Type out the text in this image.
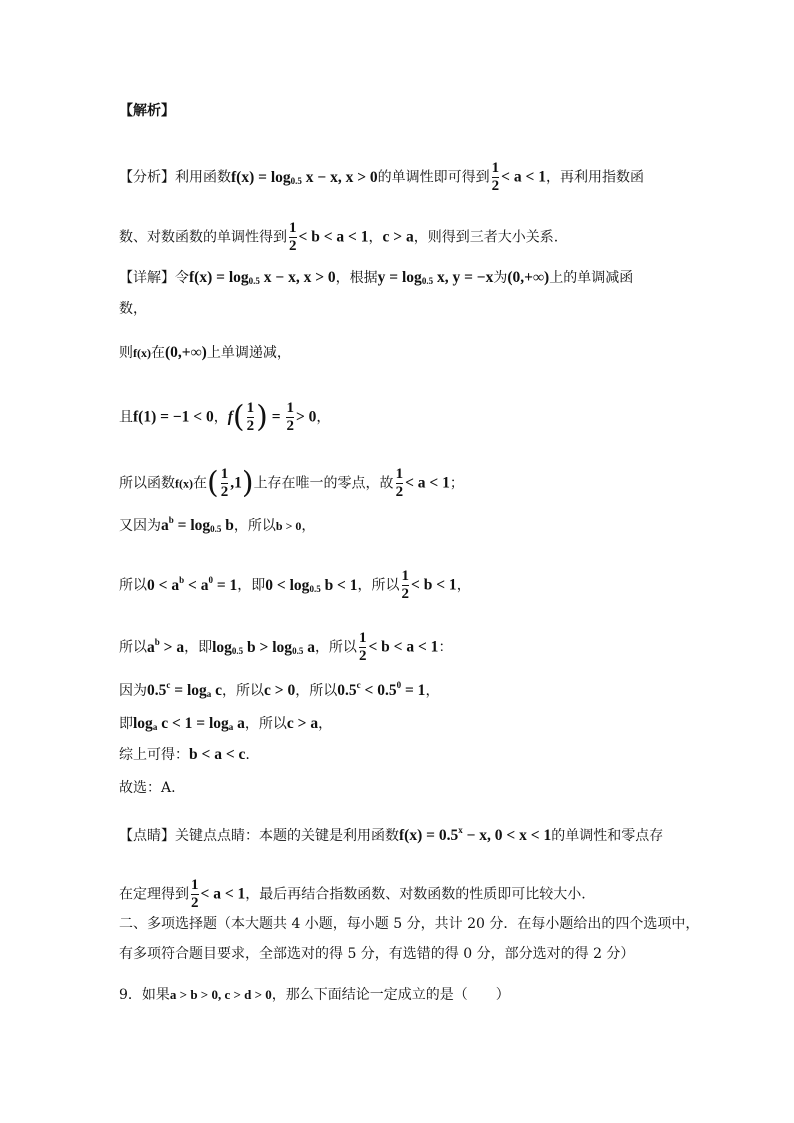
【解析】
【分析】利用函数$f(x) = \log_{0.5} x - x$, x > 0的单调性即可得到 $\frac{1}{2} < a < 1$，再利用指数函
数、对数函数的单调性得到 $\frac{1}{2} < b < a < 1$，c > a，则得到三者大小关系.
【详解】令$f(x) = \log_{0.5} x - x$, x > 0，根据$y = \log_{0.5} x$, y = −x为(0,+∞)上的单调减函
数，
则f(x)在(0,+∞)上单调递减，
且f(1) = −1 < 0，$f( \frac{1}{2}$ ) = $\frac{1}{2} > 0$，
所以函数f(x)在( $\frac{1}{2} ,1$)上存在唯一的零点，故 $\frac{1}{2} < a < 1$；
又因为$a^b = \log_{0.5} b$，所以b > 0，
所以$0 < a^b < a^0 = 1$，即$0 < \log_{0.5} b < 1$，所以 $\frac{1}{2} < b < 1$，
所以$a^b > a$，即$\log_{0.5} b > \log_{0.5} a$，所以 $\frac{1}{2} < b < a < 1$：
因为$0.5^c = \log_a c$，所以c > 0，所以$0.5^c < 0.5^0 = 1$，
即$\log_a c < 1 = \log_a a$，所以c > a，
综上可得：b < a < c.
故选：A.
【点睛】关键点点睛：本题的关键是利用函数$f(x) = 0.5^x - x$, 0 < x < 1的单调性和零点存
在定理得到 $\frac{1}{2} < a < 1$，最后再结合指数函数、对数函数的性质即可比较大小.
二、多项选择题（本大题共 4 小题，每小题 5 分，共计 20 分．在每小题给出的四个选项中，
有多项符合题目要求，全部选对的得 5 分，有选错的得 0 分，部分选对的得 2 分）
9．如果a > b > 0, c > d > 0，那么下面结论一定成立的是（　　）
